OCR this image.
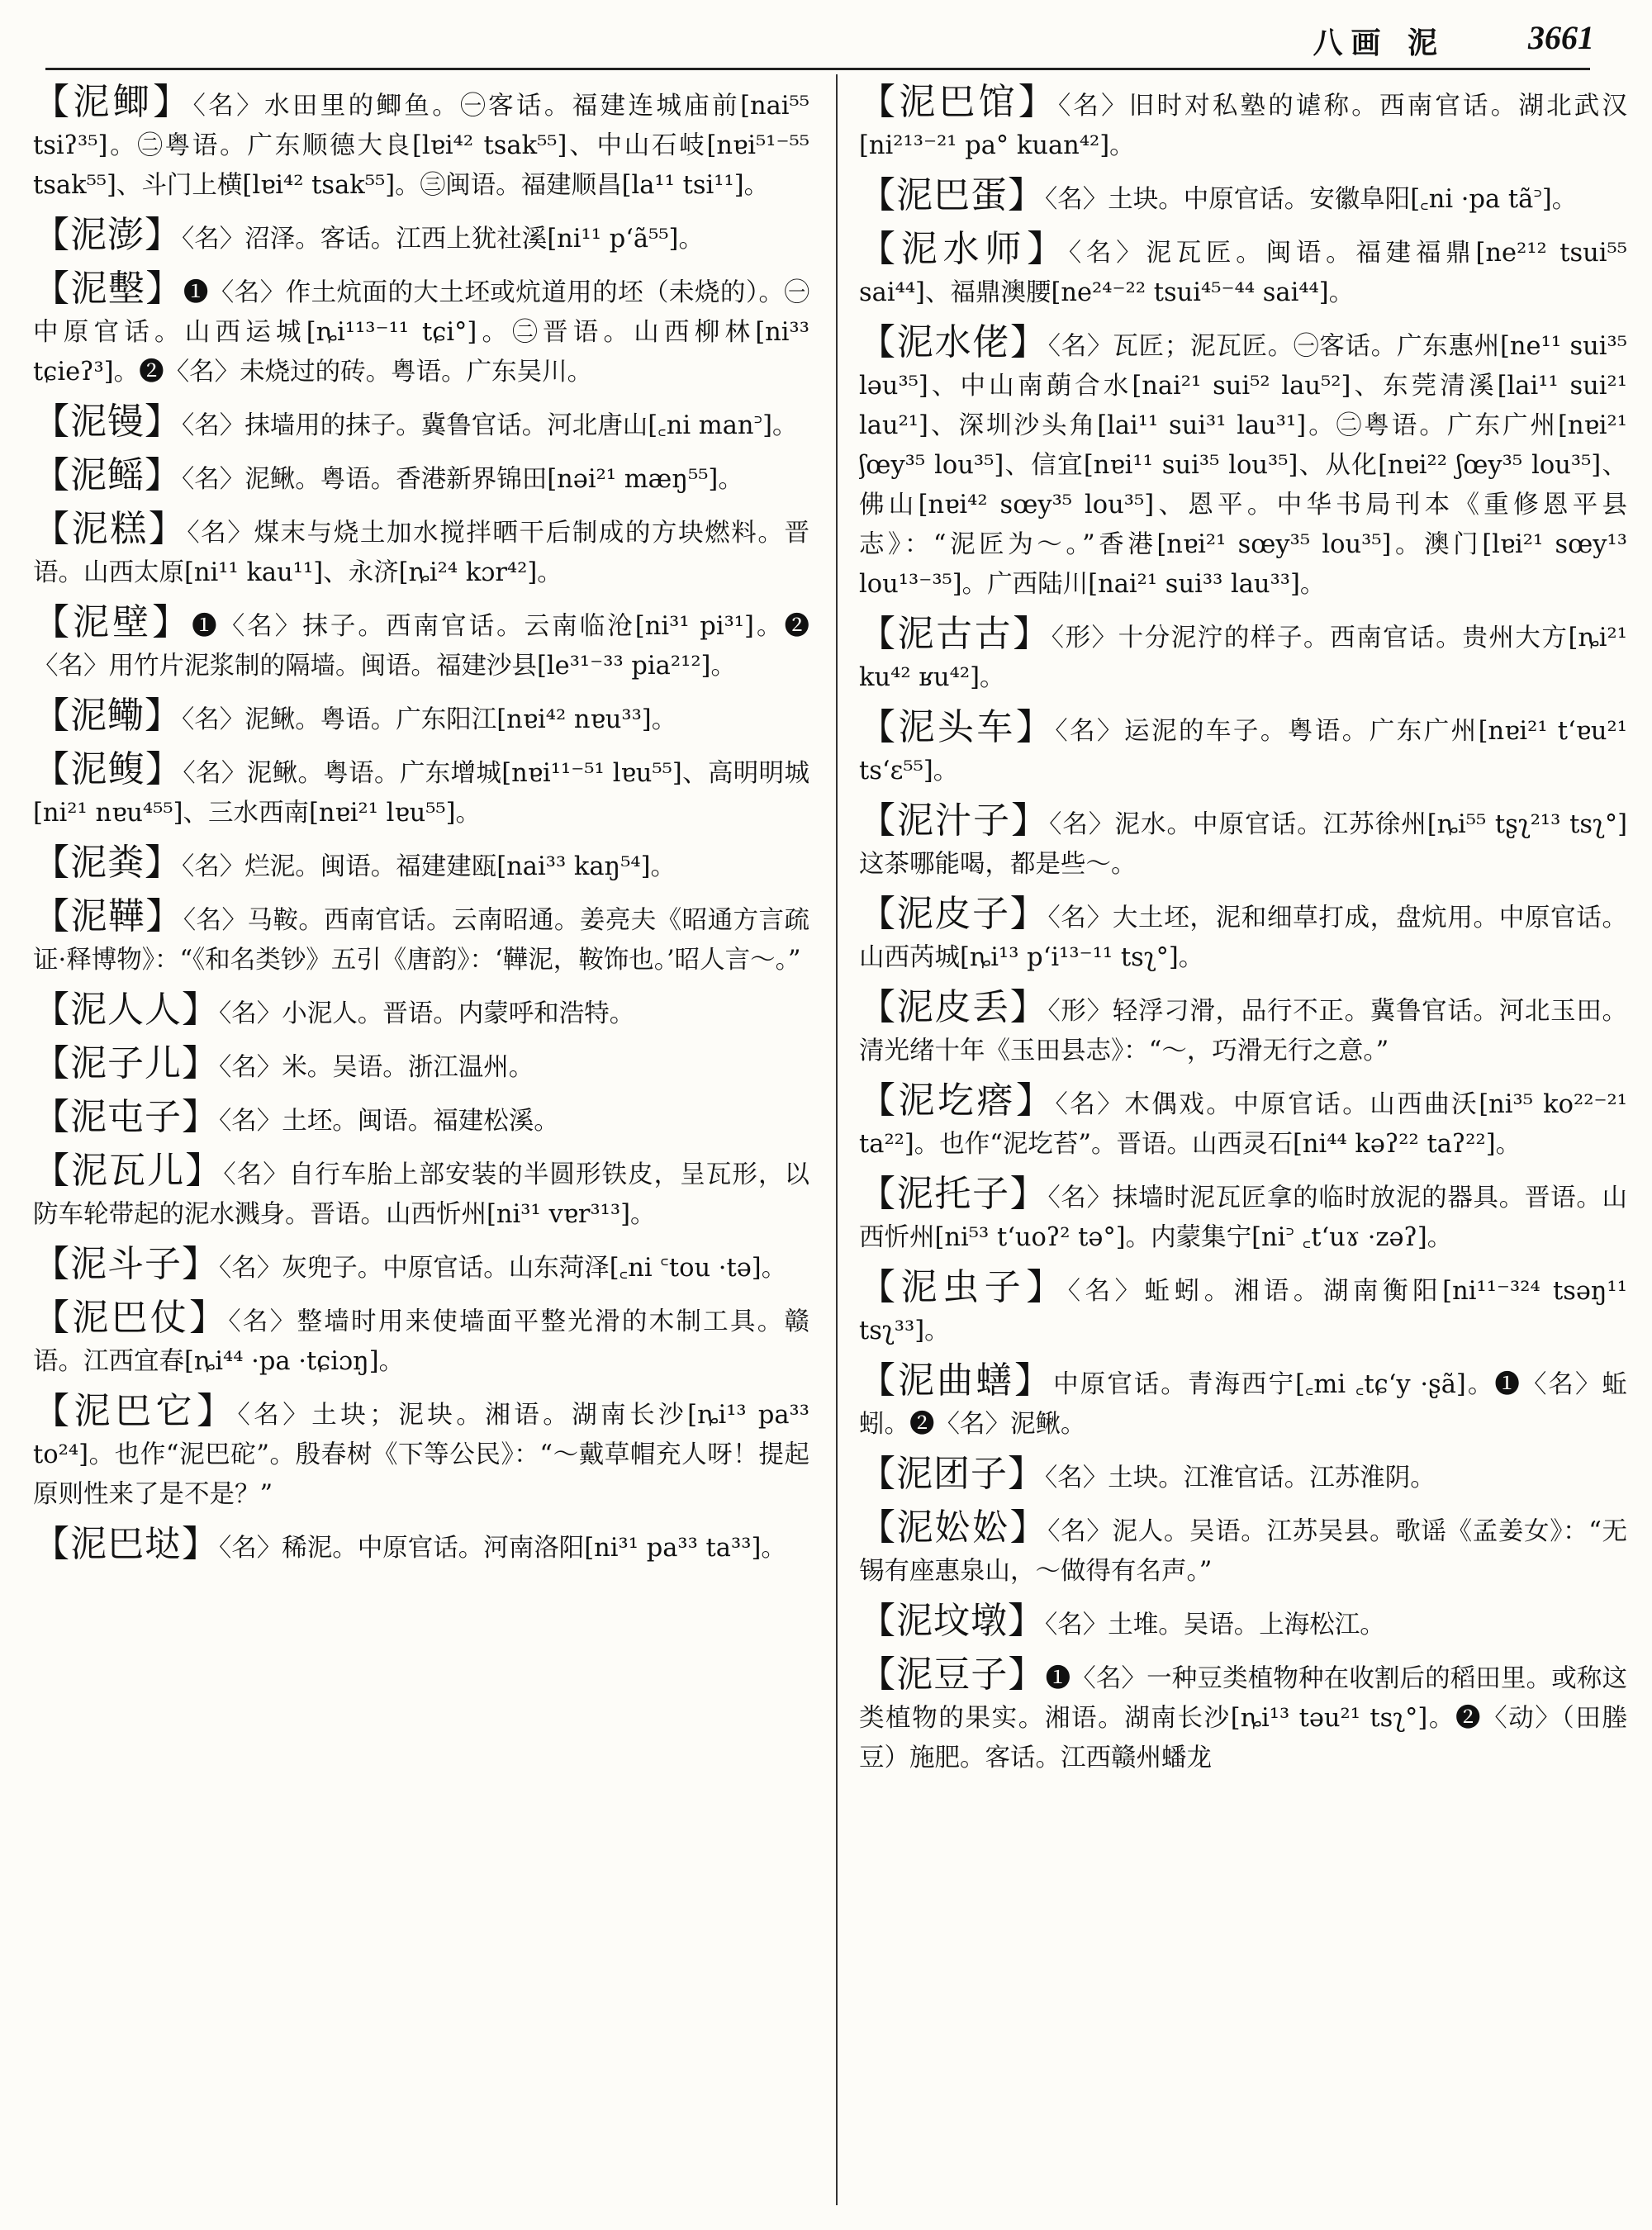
八画 泥	3661

【泥鲫】〈名〉水田里的鲫鱼。㊀客话。福建连城庙前[nai⁵⁵ tsiʔ³⁵]。㊁粤语。广东顺德大良[lɐi⁴² tsak⁵⁵]、中山石岐[nɐi⁵¹⁻⁵⁵ tsak⁵⁵]、斗门上横[lɐi⁴² tsak⁵⁵]。㊂闽语。福建顺昌[la¹¹ tsi¹¹]。

【泥澎】〈名〉沼泽。客话。江西上犹社溪[ni¹¹ pʻã⁵⁵]。

【泥墼】❶〈名〉作土炕面的大土坯或炕道用的坯（未烧的）。㊀中原官话。山西运城[ȵi¹¹³⁻¹¹ tɕi°]。㊁晋语。山西柳林[ni³³ tɕieʔ³]。❷〈名〉未烧过的砖。粤语。广东吴川。

【泥镘】〈名〉抹墙用的抹子。冀鲁官话。河北唐山[꜀ni man꜄]。

【泥鳐】〈名〉泥鳅。粤语。香港新界锦田[nəi²¹ mæŋ⁵⁵]。

【泥糕】〈名〉煤末与烧土加水搅拌晒干后制成的方块燃料。晋语。山西太原[ni¹¹ kau¹¹]、永济[ȵi²⁴ kɔr⁴²]。

【泥壁】❶〈名〉抹子。西南官话。云南临沧[ni³¹ pi³¹]。❷〈名〉用竹片泥浆制的隔墙。闽语。福建沙县[le³¹⁻³³ pia²¹²]。

【泥鳓】〈名〉泥鳅。粤语。广东阳江[nɐi⁴² nɐu³³]。

【泥鳆】〈名〉泥鳅。粤语。广东增城[nɐi¹¹⁻⁵¹ lɐu⁵⁵]、高明明城[ni²¹ nɐu⁴⁵⁵]、三水西南[nɐi²¹ lɐu⁵⁵]。

【泥粪】〈名〉烂泥。闽语。福建建瓯[nai³³ kaŋ⁵⁴]。

【泥鞾】〈名〉马鞍。西南官话。云南昭通。姜亮夫《昭通方言疏证·释博物》：“《和名类钞》五引《唐韵》：‘鞾泥，鞍饰也。’昭人言～。”

【泥人人】〈名〉小泥人。晋语。内蒙呼和浩特。

【泥子儿】〈名〉米。吴语。浙江温州。

【泥屯子】〈名〉土坯。闽语。福建松溪。

【泥瓦儿】〈名〉自行车胎上部安装的半圆形铁皮，呈瓦形，以防车轮带起的泥水溅身。晋语。山西忻州[ni³¹ vɐr³¹³]。

【泥斗子】〈名〉灰兜子。中原官话。山东菏泽[꜀ni ꜂tou ·tə]。

【泥巴仗】〈名〉整墙时用来使墙面平整光滑的木制工具。赣语。江西宜春[ȵi⁴⁴ ·pa ·tɕiɔŋ]。

【泥巴它】〈名〉土块；泥块。湘语。湖南长沙[ȵi¹³ pa³³ to²⁴]。也作“泥巴砣”。殷春树《下等公民》：“～戴草帽充人呀！提起原则性来了是不是？”

【泥巴垯】〈名〉稀泥。中原官话。河南洛阳[ni³¹ pa³³ ta³³]。

【泥巴馆】〈名〉旧时对私塾的谑称。西南官话。湖北武汉[ni²¹³⁻²¹ pa° kuan⁴²]。

【泥巴蛋】〈名〉土块。中原官话。安徽阜阳[꜀ni ·pa tã꜄]。

【泥水师】〈名〉泥瓦匠。闽语。福建福鼎[ne²¹² tsui⁵⁵ sai⁴⁴]、福鼎澳腰[ne²⁴⁻²² tsui⁴⁵⁻⁴⁴ sai⁴⁴]。

【泥水佬】〈名〉瓦匠；泥瓦匠。㊀客话。广东惠州[ne¹¹ sui³⁵ ləu³⁵]、中山南蓢合水[nai²¹ sui⁵² lau⁵²]、东莞清溪[lai¹¹ sui²¹ lau²¹]、深圳沙头角[lai¹¹ sui³¹ lau³¹]。㊁粤语。广东广州[nɐi²¹ ʃœy³⁵ lou³⁵]、信宜[nɐi¹¹ sui³⁵ lou³⁵]、从化[nɐi²² ʃœy³⁵ lou³⁵]、佛山[nɐi⁴² sœy³⁵ lou³⁵]、恩平。中华书局刊本《重修恩平县志》：“泥匠为～。”香港[nɐi²¹ sœy³⁵ lou³⁵]。澳门[lɐi²¹ sœy¹³ lou¹³⁻³⁵]。广西陆川[nai²¹ sui³³ lau³³]。

【泥古古】〈形〉十分泥泞的样子。西南官话。贵州大方[ȵi²¹ ku⁴² ʁu⁴²]。

【泥头车】〈名〉运泥的车子。粤语。广东广州[nɐi²¹ tʻɐu²¹ tsʻɛ⁵⁵]。

【泥汁子】〈名〉泥水。中原官话。江苏徐州[ȵi⁵⁵ tʂʅ²¹³ tsʅ°]这茶哪能喝，都是些～。

【泥皮子】〈名〉大土坯，泥和细草打成，盘炕用。中原官话。山西芮城[ȵi¹³ pʻi¹³⁻¹¹ tsʅ°]。

【泥皮丢】〈形〉轻浮刁滑，品行不正。冀鲁官话。河北玉田。清光绪十年《玉田县志》：“～，巧滑无行之意。”

【泥圪瘩】〈名〉木偶戏。中原官话。山西曲沃[ni³⁵ ko²²⁻²¹ ta²²]。也作“泥圪苔”。晋语。山西灵石[ni⁴⁴ kəʔ²² taʔ²²]。

【泥托子】〈名〉抹墙时泥瓦匠拿的临时放泥的器具。晋语。山西忻州[ni⁵³ tʻuoʔ² tə°]。内蒙集宁[ni꜄ ꜀tʻuɤ ·zəʔ]。

【泥虫子】〈名〉蚯蚓。湘语。湖南衡阳[ni¹¹⁻³²⁴ tsəŋ¹¹ tsʅ³³]。

【泥曲蟮】中原官话。青海西宁[꜀mi ꜀tɕʻy ·ʂã]。❶〈名〉蚯蚓。❷〈名〉泥鳅。

【泥团子】〈名〉土块。江淮官话。江苏淮阴。

【泥妐妐】〈名〉泥人。吴语。江苏吴县。歌谣《孟姜女》：“无锡有座惠泉山，～做得有名声。”

【泥坟墩】〈名〉土堆。吴语。上海松江。

【泥豆子】❶〈名〉一种豆类植物种在收割后的稻田里。或称这类植物的果实。湘语。湖南长沙[ȵi¹³ təu²¹ tsʅ°]。❷〈动〉（田塍豆）施肥。客话。江西赣州蟠龙
